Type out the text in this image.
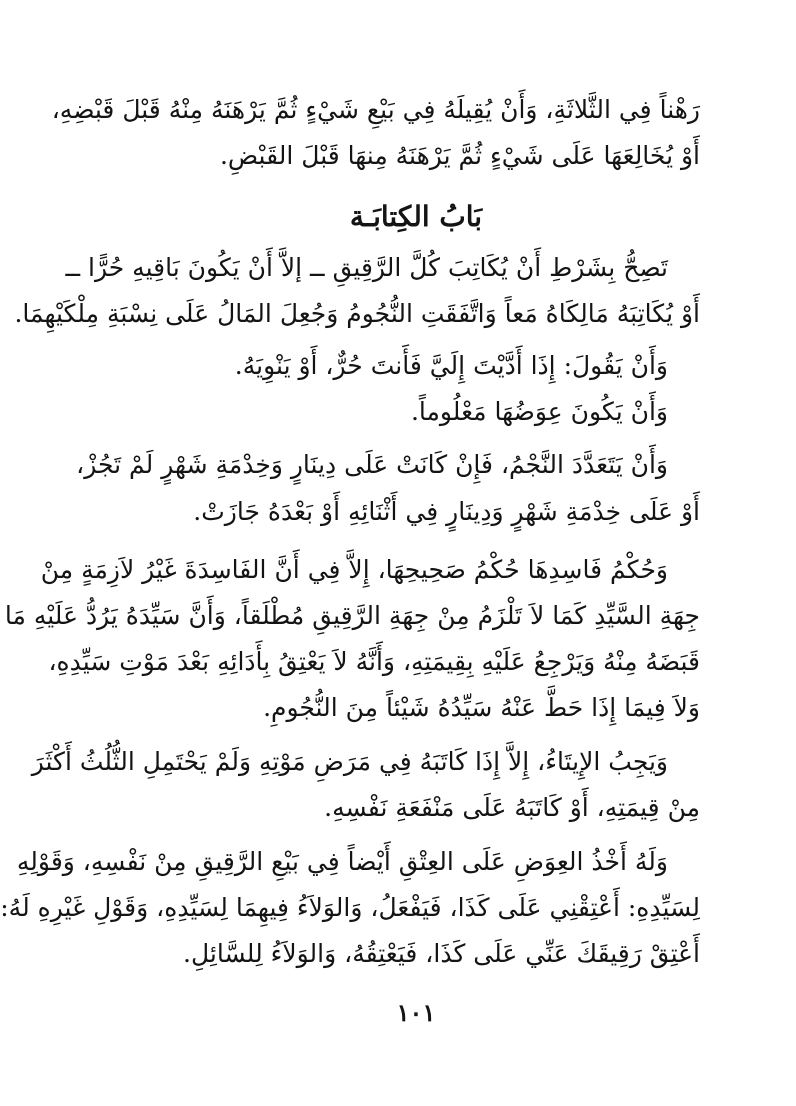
رَهْناً فِي الثَّلاثَةِ، وَأَنْ يُقِيلَهُ فِي بَيْعِ شَيْءٍ ثُمَّ يَرْهَنَهُ مِنْهُ قَبْلَ قَبْضِهِ،
أَوْ يُخَالِعَهَا عَلَى شَيْءٍ ثُمَّ يَرْهَنَهُ مِنهَا قَبْلَ القَبْضِ.
بَابُ الكِتابَـة
تَصِحُّ بِشَرْطِ أَنْ يُكَاتِبَ كُلَّ الرَّقِيقِ ــ إلاَّ أَنْ يَكُونَ بَاقِيهِ حُرًّا ــ
أَوْ يُكَاتِبَهُ مَالِكَاهُ مَعاً وَاتَّفَقَتِ النُّجُومُ وَجُعِلَ المَالُ عَلَى نِسْبَةِ مِلْكَيْهِمَا.
وَأَنْ يَقُولَ: إِذَا أَدَّيْتَ إِلَيَّ فَأَنتَ حُرٌّ، أَوْ يَنْوِيَهُ.
وَأَنْ يَكُونَ عِوَضُهَا مَعْلُوماً.
وَأَنْ يَتَعَدَّدَ النَّجْمُ، فَإِنْ كَانَتْ عَلَى دِينَارٍ وَخِدْمَةِ شَهْرٍ لَمْ تَجُزْ،
أَوْ عَلَى خِدْمَةِ شَهْرٍ وَدِينَارٍ فِي أَثْنَائِهِ أَوْ بَعْدَهُ جَازَتْ.
وَحُكْمُ فَاسِدِهَا حُكْمُ صَحِيحِهَا، إِلاَّ فِي أَنَّ الفَاسِدَةَ غَيْرُ لاَزِمَةٍ مِنْ
جِهَةِ السَّيِّدِ كَمَا لاَ تَلْزَمُ مِنْ جِهَةِ الرَّقِيقِ مُطْلَقاً، وَأَنَّ سَيِّدَهُ يَرُدُّ عَلَيْهِ مَا
قَبَضَهُ مِنْهُ وَيَرْجِعُ عَلَيْهِ بِقِيمَتِهِ، وَأَنَّهُ لاَ يَعْتِقُ بِأَدَائِهِ بَعْدَ مَوْتِ سَيِّدِهِ،
وَلاَ فِيمَا إِذَا حَطَّ عَنْهُ سَيِّدُهُ شَيْئاً مِنَ النُّجُومِ.
وَيَجِبُ الإِيتَاءُ، إِلاَّ إِذَا كَاتَبَهُ فِي مَرَضِ مَوْتِهِ وَلَمْ يَحْتَمِلِ الثُّلُثُ أَكْثَرَ
مِنْ قِيمَتِهِ، أَوْ كَاتَبَهُ عَلَى مَنْفَعَةِ نَفْسِهِ.
وَلَهُ أَخْذُ العِوَضِ عَلَى العِتْقِ أَيْضاً فِي بَيْعِ الرَّقِيقِ مِنْ نَفْسِهِ، وَقَوْلِهِ
لِسَيِّدِهِ: أَعْتِقْنِي عَلَى كَذَا، فَيَفْعَلُ، وَالوَلاَءُ فِيهِمَا لِسَيِّدِهِ، وَقَوْلِ غَيْرِهِ لَهُ:
أَعْتِقْ رَقِيقَكَ عَنِّي عَلَى كَذَا، فَيَعْتِقُهُ، وَالوَلاَءُ لِلسَّائِلِ.
١٠١
